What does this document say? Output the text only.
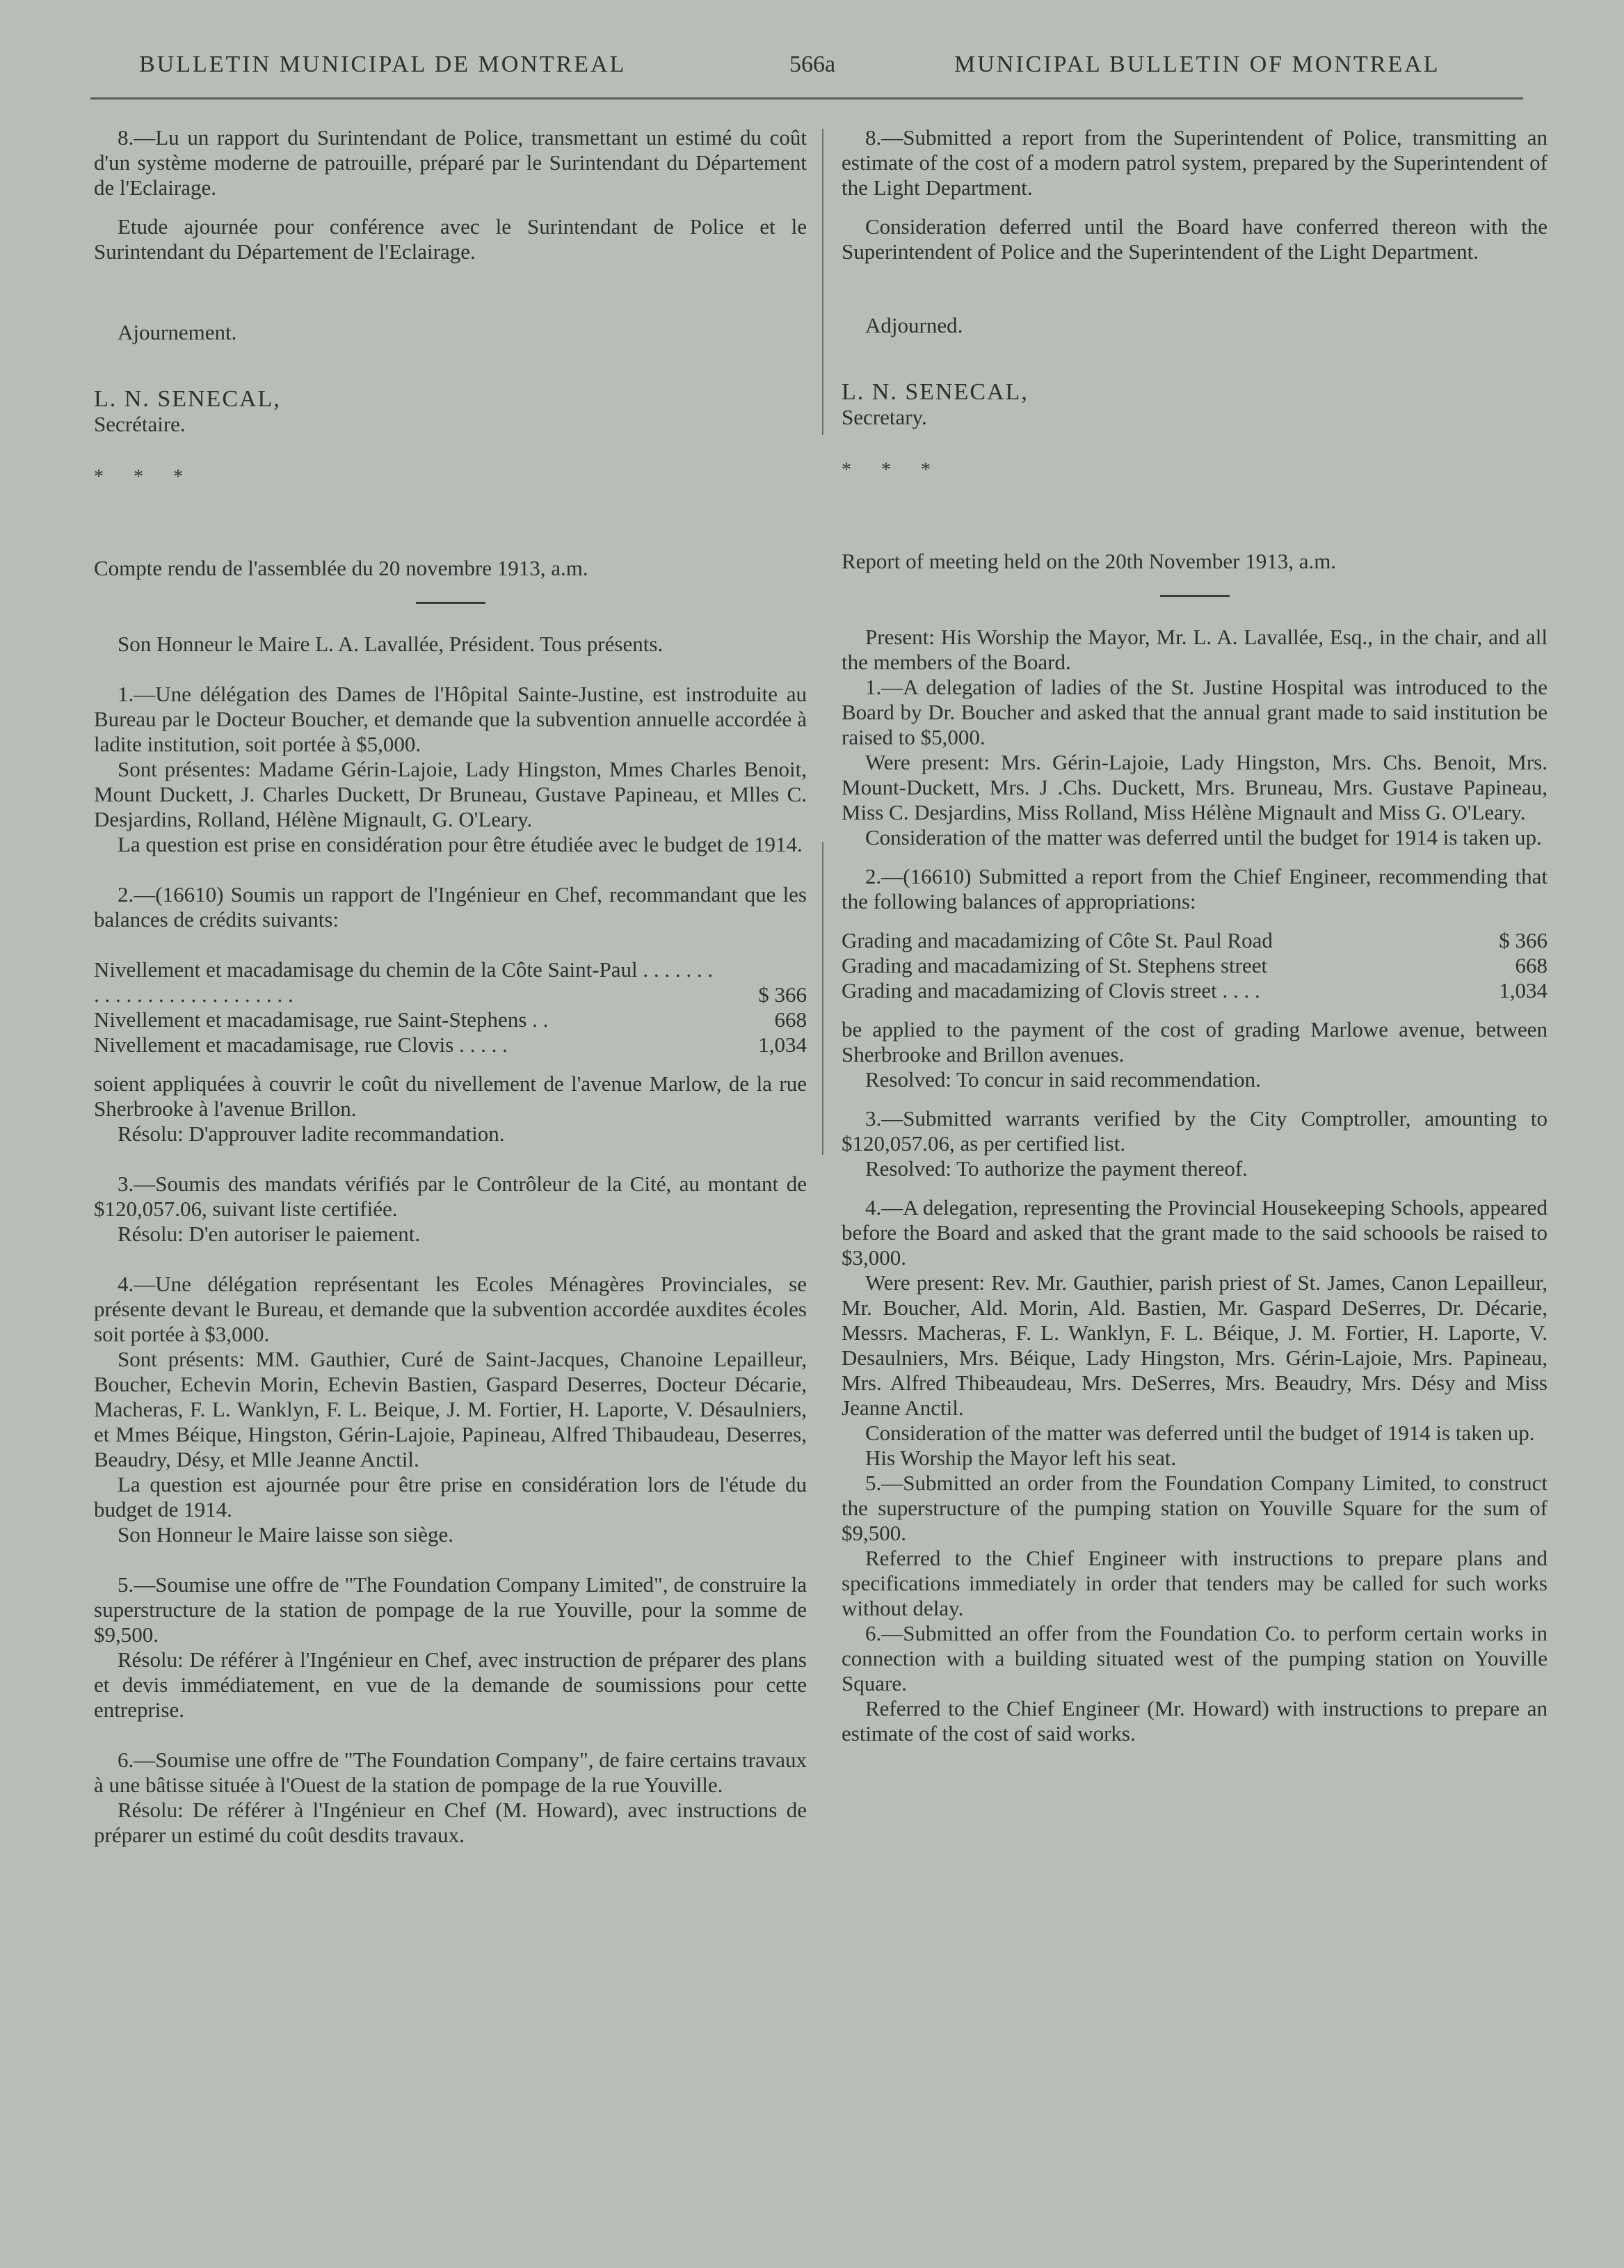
BULLETIN MUNICIPAL DE MONTREAL	566a	MUNICIPAL BULLETIN OF MONTREAL

8.—Lu un rapport du Surintendant de Police, transmettant un estimé du coût d'un système moderne de patrouille, préparé par le Surintendant du Département de l'Eclairage.

Etude ajournée pour conférence avec le Surintendant de Police et le Surintendant du Département de l'Eclairage.

Ajournement.

L. N. SENECAL,

Secrétaire.

* * *

Compte rendu de l'assemblée du 20 novembre 1913, a.m.

Son Honneur le Maire L. A. Lavallée, Président. Tous présents.

1.—Une délégation des Dames de l'Hôpital Sainte-Justine, est instroduite au Bureau par le Docteur Boucher, et demande que la subvention annuelle accordée à ladite institution, soit portée à $5,000.

Sont présentes: Madame Gérin-Lajoie, Lady Hingston, Mmes Charles Benoit, Mount Duckett, J. Charles Duckett, Dr Bruneau, Gustave Papineau, et Mlles C. Desjardins, Rolland, Hélène Mignault, G. O'Leary.

La question est prise en considération pour être étudiée avec le budget de 1914.

2.—(16610) Soumis un rapport de l'Ingénieur en Chef, recommandant que les balances de crédits suivants:

Nivellement et macadamisage du chemin de la Côte Saint-Paul . . . . . . . . . . . . . . . . . . . . . . . . . .	$ 366
Nivellement et macadamisage, rue Saint-Stephens . .	668
Nivellement et macadamisage, rue Clovis . . . . .	1,034

soient appliquées à couvrir le coût du nivellement de l'avenue Marlow, de la rue Sherbrooke à l'avenue Brillon.

Résolu: D'approuver ladite recommandation.

3.—Soumis des mandats vérifiés par le Contrôleur de la Cité, au montant de $120,057.06, suivant liste certifiée.

Résolu: D'en autoriser le paiement.

4.—Une délégation représentant les Ecoles Ménagères Provinciales, se présente devant le Bureau, et demande que la subvention accordée auxdites écoles soit portée à $3,000.

Sont présents: MM. Gauthier, Curé de Saint-Jacques, Chanoine Lepailleur, Boucher, Echevin Morin, Echevin Bastien, Gaspard Deserres, Docteur Décarie, Macheras, F. L. Wanklyn, F. L. Beique, J. M. Fortier, H. Laporte, V. Désaulniers, et Mmes Béique, Hingston, Gérin-Lajoie, Papineau, Alfred Thibaudeau, Deserres, Beaudry, Désy, et Mlle Jeanne Anctil.

La question est ajournée pour être prise en considération lors de l'étude du budget de 1914.

Son Honneur le Maire laisse son siège.

5.—Soumise une offre de "The Foundation Company Limited", de construire la superstructure de la station de pompage de la rue Youville, pour la somme de $9,500.

Résolu: De référer à l'Ingénieur en Chef, avec instruction de préparer des plans et devis immédiatement, en vue de la demande de soumissions pour cette entreprise.

6.—Soumise une offre de "The Foundation Company", de faire certains travaux à une bâtisse située à l'Ouest de la station de pompage de la rue Youville.

Résolu: De référer à l'Ingénieur en Chef (M. Howard), avec instructions de préparer un estimé du coût desdits travaux.

8.—Submitted a report from the Superintendent of Police, transmitting an estimate of the cost of a modern patrol system, prepared by the Superintendent of the Light Department.

Consideration deferred until the Board have conferred thereon with the Superintendent of Police and the Superintendent of the Light Department.

Adjourned.

L. N. SENECAL,

Secretary.

* * *

Report of meeting held on the 20th November 1913, a.m.

Present: His Worship the Mayor, Mr. L. A. Lavallée, Esq., in the chair, and all the members of the Board.

1.—A delegation of ladies of the St. Justine Hospital was introduced to the Board by Dr. Boucher and asked that the annual grant made to said institution be raised to $5,000.

Were present: Mrs. Gérin-Lajoie, Lady Hingston, Mrs. Chs. Benoit, Mrs. Mount-Duckett, Mrs. J .Chs. Duckett, Mrs. Bruneau, Mrs. Gustave Papineau, Miss C. Desjardins, Miss Rolland, Miss Hélène Mignault and Miss G. O'Leary.

Consideration of the matter was deferred until the budget for 1914 is taken up.

2.—(16610) Submitted a report from the Chief Engineer, recommending that the following balances of appropriations:

Grading and macadamizing of Côte St. Paul Road	$ 366
Grading and macadamizing of St. Stephens street	668
Grading and macadamizing of Clovis street . . . .	1,034

be applied to the payment of the cost of grading Marlowe avenue, between Sherbrooke and Brillon avenues.

Resolved: To concur in said recommendation.

3.—Submitted warrants verified by the City Comptroller, amounting to $120,057.06, as per certified list.

Resolved: To authorize the payment thereof.

4.—A delegation, representing the Provincial Housekeeping Schools, appeared before the Board and asked that the grant made to the said schoools be raised to $3,000.

Were present: Rev. Mr. Gauthier, parish priest of St. James, Canon Lepailleur, Mr. Boucher, Ald. Morin, Ald. Bastien, Mr. Gaspard DeSerres, Dr. Décarie, Messrs. Macheras, F. L. Wanklyn, F. L. Béique, J. M. Fortier, H. Laporte, V. Desaulniers, Mrs. Béique, Lady Hingston, Mrs. Gérin-Lajoie, Mrs. Papineau, Mrs. Alfred Thibeaudeau, Mrs. DeSerres, Mrs. Beaudry, Mrs. Désy and Miss Jeanne Anctil.

Consideration of the matter was deferred until the budget of 1914 is taken up.

His Worship the Mayor left his seat.

5.—Submitted an order from the Foundation Company Limited, to construct the superstructure of the pumping station on Youville Square for the sum of $9,500.

Referred to the Chief Engineer with instructions to prepare plans and specifications immediately in order that tenders may be called for such works without delay.

6.—Submitted an offer from the Foundation Co. to perform certain works in connection with a building situated west of the pumping station on Youville Square.

Referred to the Chief Engineer (Mr. Howard) with instructions to prepare an estimate of the cost of said works.
